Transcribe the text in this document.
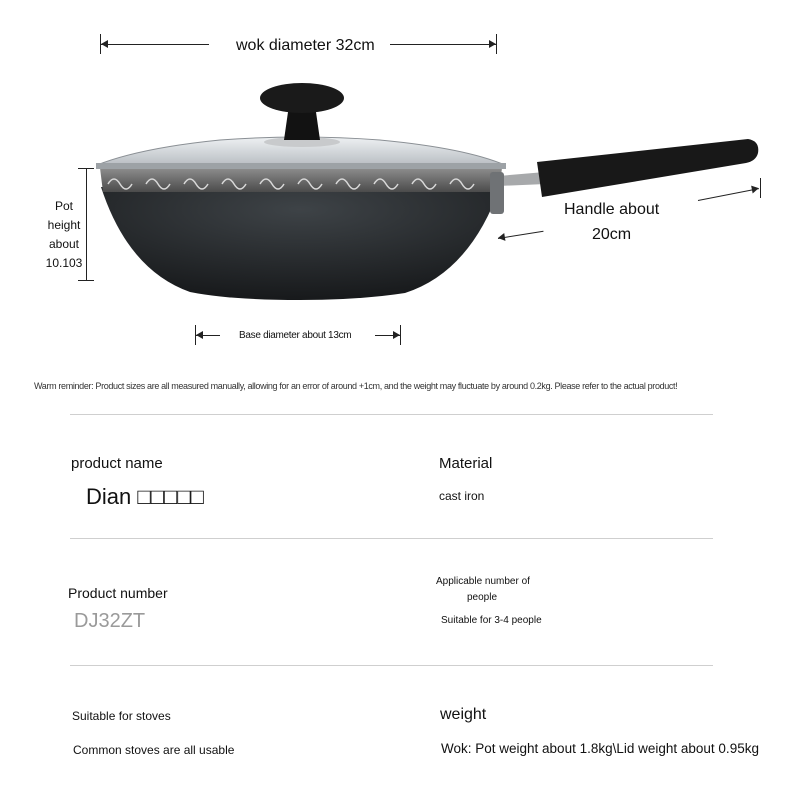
wok diameter 32cm
Pot height about 10.103
Handle about
20cm
Base diameter about 13cm
Warm reminder: Product sizes are all measured manually, allowing for an error of around +1cm, and the weight may fluctuate by around 0.2kg. Please refer to the actual product!
product name
Dian □□□□□
Material
cast iron
Product number
DJ32ZT
Applicable number of
people
Suitable for 3-4 people
Suitable for stoves
Common stoves are all usable
weight
Wok: Pot weight about 1.8kg\Lid weight about 0.95kg
